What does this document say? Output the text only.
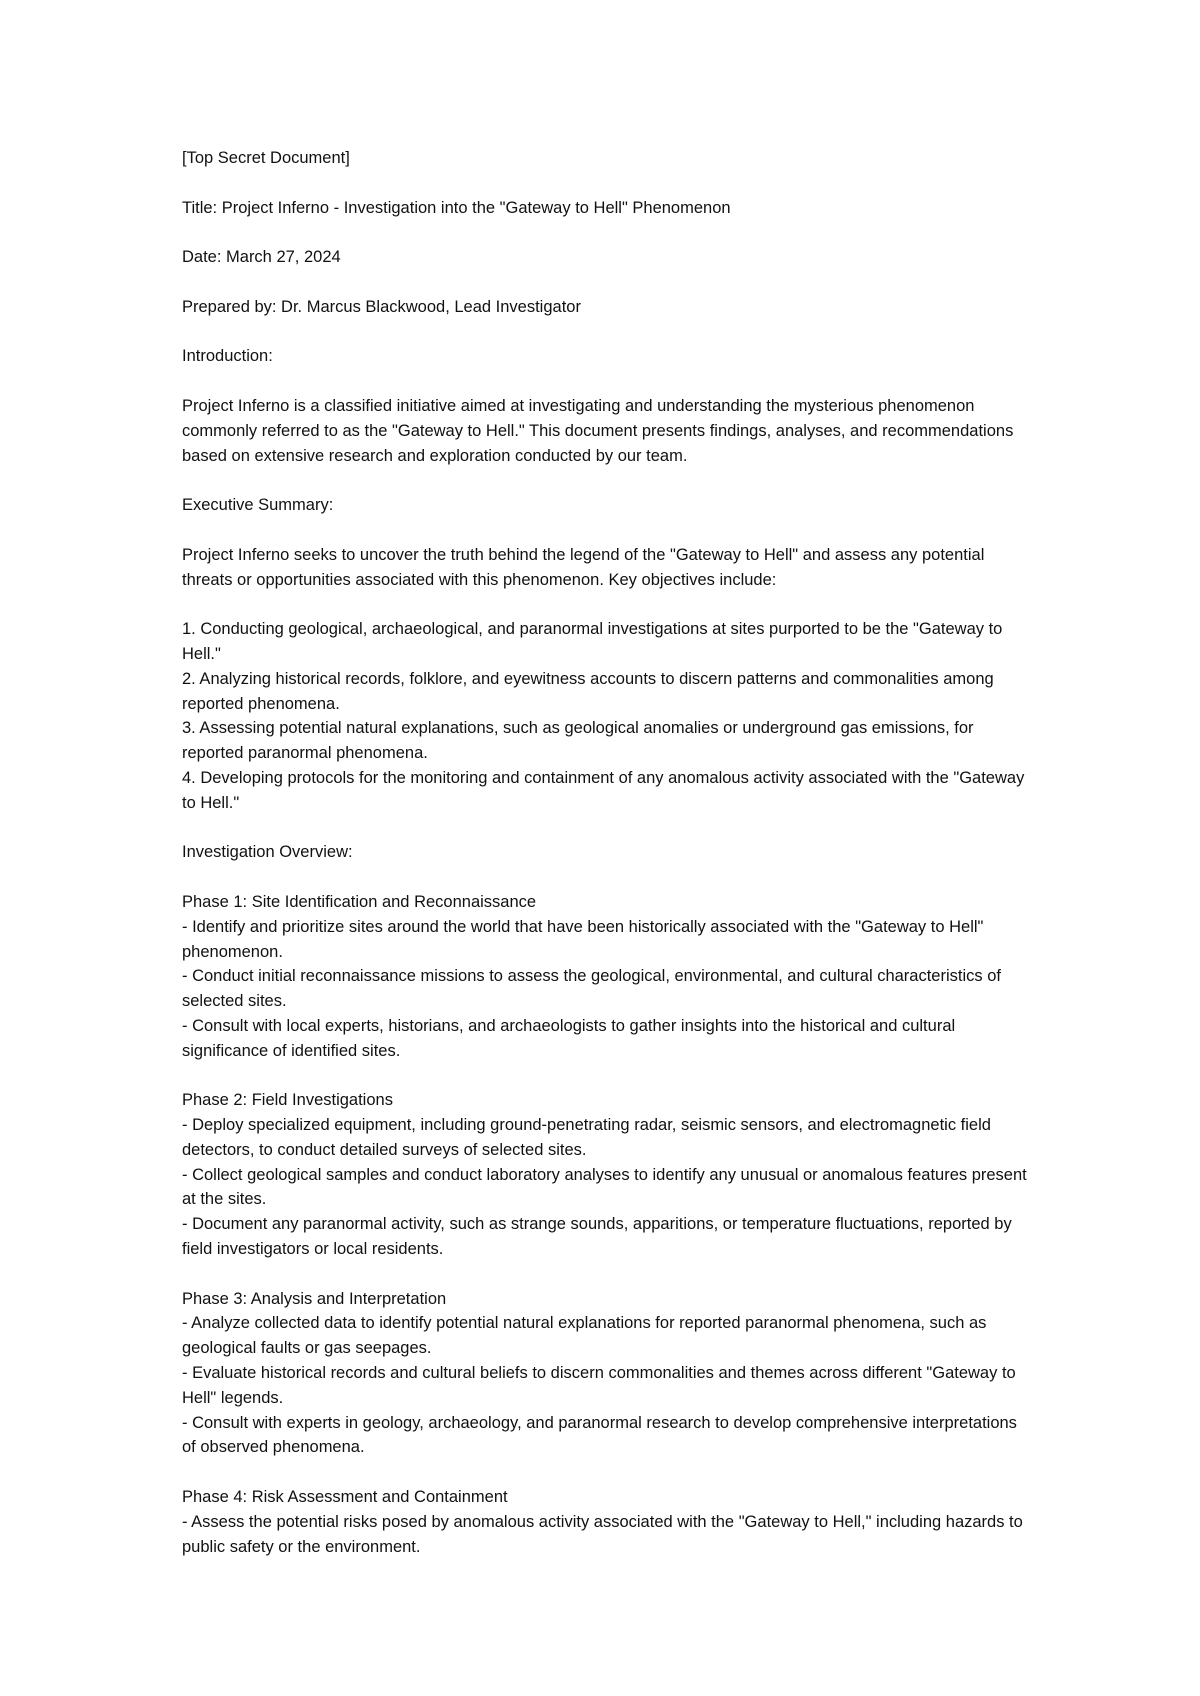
[Top Secret Document]

Title: Project Inferno - Investigation into the "Gateway to Hell" Phenomenon

Date: March 27, 2024

Prepared by: Dr. Marcus Blackwood, Lead Investigator

Introduction:

Project Inferno is a classified initiative aimed at investigating and understanding the mysterious phenomenon commonly referred to as the "Gateway to Hell." This document presents findings, analyses, and recommendations based on extensive research and exploration conducted by our team.

Executive Summary:

Project Inferno seeks to uncover the truth behind the legend of the "Gateway to Hell" and assess any potential threats or opportunities associated with this phenomenon. Key objectives include:

1. Conducting geological, archaeological, and paranormal investigations at sites purported to be the "Gateway to Hell."
2. Analyzing historical records, folklore, and eyewitness accounts to discern patterns and commonalities among reported phenomena.
3. Assessing potential natural explanations, such as geological anomalies or underground gas emissions, for reported paranormal phenomena.
4. Developing protocols for the monitoring and containment of any anomalous activity associated with the "Gateway to Hell."

Investigation Overview:

Phase 1: Site Identification and Reconnaissance
- Identify and prioritize sites around the world that have been historically associated with the "Gateway to Hell" phenomenon.
- Conduct initial reconnaissance missions to assess the geological, environmental, and cultural characteristics of selected sites.
- Consult with local experts, historians, and archaeologists to gather insights into the historical and cultural significance of identified sites.
Phase 2: Field Investigations
- Deploy specialized equipment, including ground-penetrating radar, seismic sensors, and electromagnetic field detectors, to conduct detailed surveys of selected sites.
- Collect geological samples and conduct laboratory analyses to identify any unusual or anomalous features present at the sites.
- Document any paranormal activity, such as strange sounds, apparitions, or temperature fluctuations, reported by field investigators or local residents.
Phase 3: Analysis and Interpretation
- Analyze collected data to identify potential natural explanations for reported paranormal phenomena, such as geological faults or gas seepages.
- Evaluate historical records and cultural beliefs to discern commonalities and themes across different "Gateway to Hell" legends.
- Consult with experts in geology, archaeology, and paranormal research to develop comprehensive interpretations of observed phenomena.
Phase 4: Risk Assessment and Containment
- Assess the potential risks posed by anomalous activity associated with the "Gateway to Hell," including hazards to public safety or the environment.
